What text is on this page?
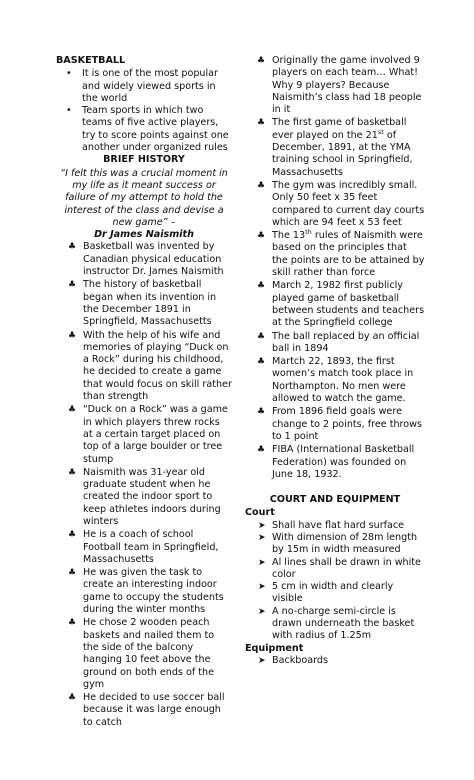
BASKETBALL
• It is one of the most popular and widely viewed sports in the world
• Team sports in which two teams of five active players, try to score points against one another under organized rules
BRIEF HISTORY
“I felt this was a crucial moment in my life as it meant success or failure of my attempt to hold the interest of the class and devise a new game” –
Dr James Naismith
♣ Basketball was invented by Canadian physical education instructor Dr. James Naismith
♣ The history of basketball began when its invention in the December 1891 in Springfield, Massachusetts
♣ With the help of his wife and memories of playing “Duck on a Rock” during his childhood, he decided to create a game that would focus on skill rather than strength
♣ “Duck on a Rock” was a game in which players threw rocks at a certain target placed on top of a large boulder or tree stump
♣ Naismith was 31-year old graduate student when he created the indoor sport to keep athletes indoors during winters
♣ He is a coach of school Football team in Springfield, Massachusetts
♣ He was given the task to create an interesting indoor game to occupy the students during the winter months
♣ He chose 2 wooden peach baskets and nailed them to the side of the balcony hanging 10 feet above the ground on both ends of the gym
♣ He decided to use soccer ball because it was large enough to catch
♣ Originally the game involved 9 players on each team… What! Why 9 players? Because Naismith’s class had 18 people in it
♣ The first game of basketball ever played on the 21st of December, 1891, at the YMA training school in Springfield, Massachusetts
♣ The gym was incredibly small. Only 50 feet x 35 feet compared to current day courts which are 94 feet x 53 feet
♣ The 13th rules of Naismith were based on the principles that the points are to be attained by skill rather than force
♣ March 2, 1982 first publicly played game of basketball between students and teachers at the Springfield college
♣ The ball replaced by an official ball in 1894
♣ Martch 22, 1893, the first women’s match took place in Northampton. No men were allowed to watch the game.
♣ From 1896 field goals were change to 2 points, free throws to 1 point
♣ FIBA (International Basketball Federation) was founded on June 18, 1932.
COURT AND EQUIPMENT
Court
➤ Shall have flat hard surface
➤ With dimension of 28m length by 15m in width measured
➤ Al lines shall be drawn in white color
➤ 5 cm in width and clearly visible
➤ A no-charge semi-circle is drawn underneath the basket with radius of 1.25m
Equipment
➤ Backboards
